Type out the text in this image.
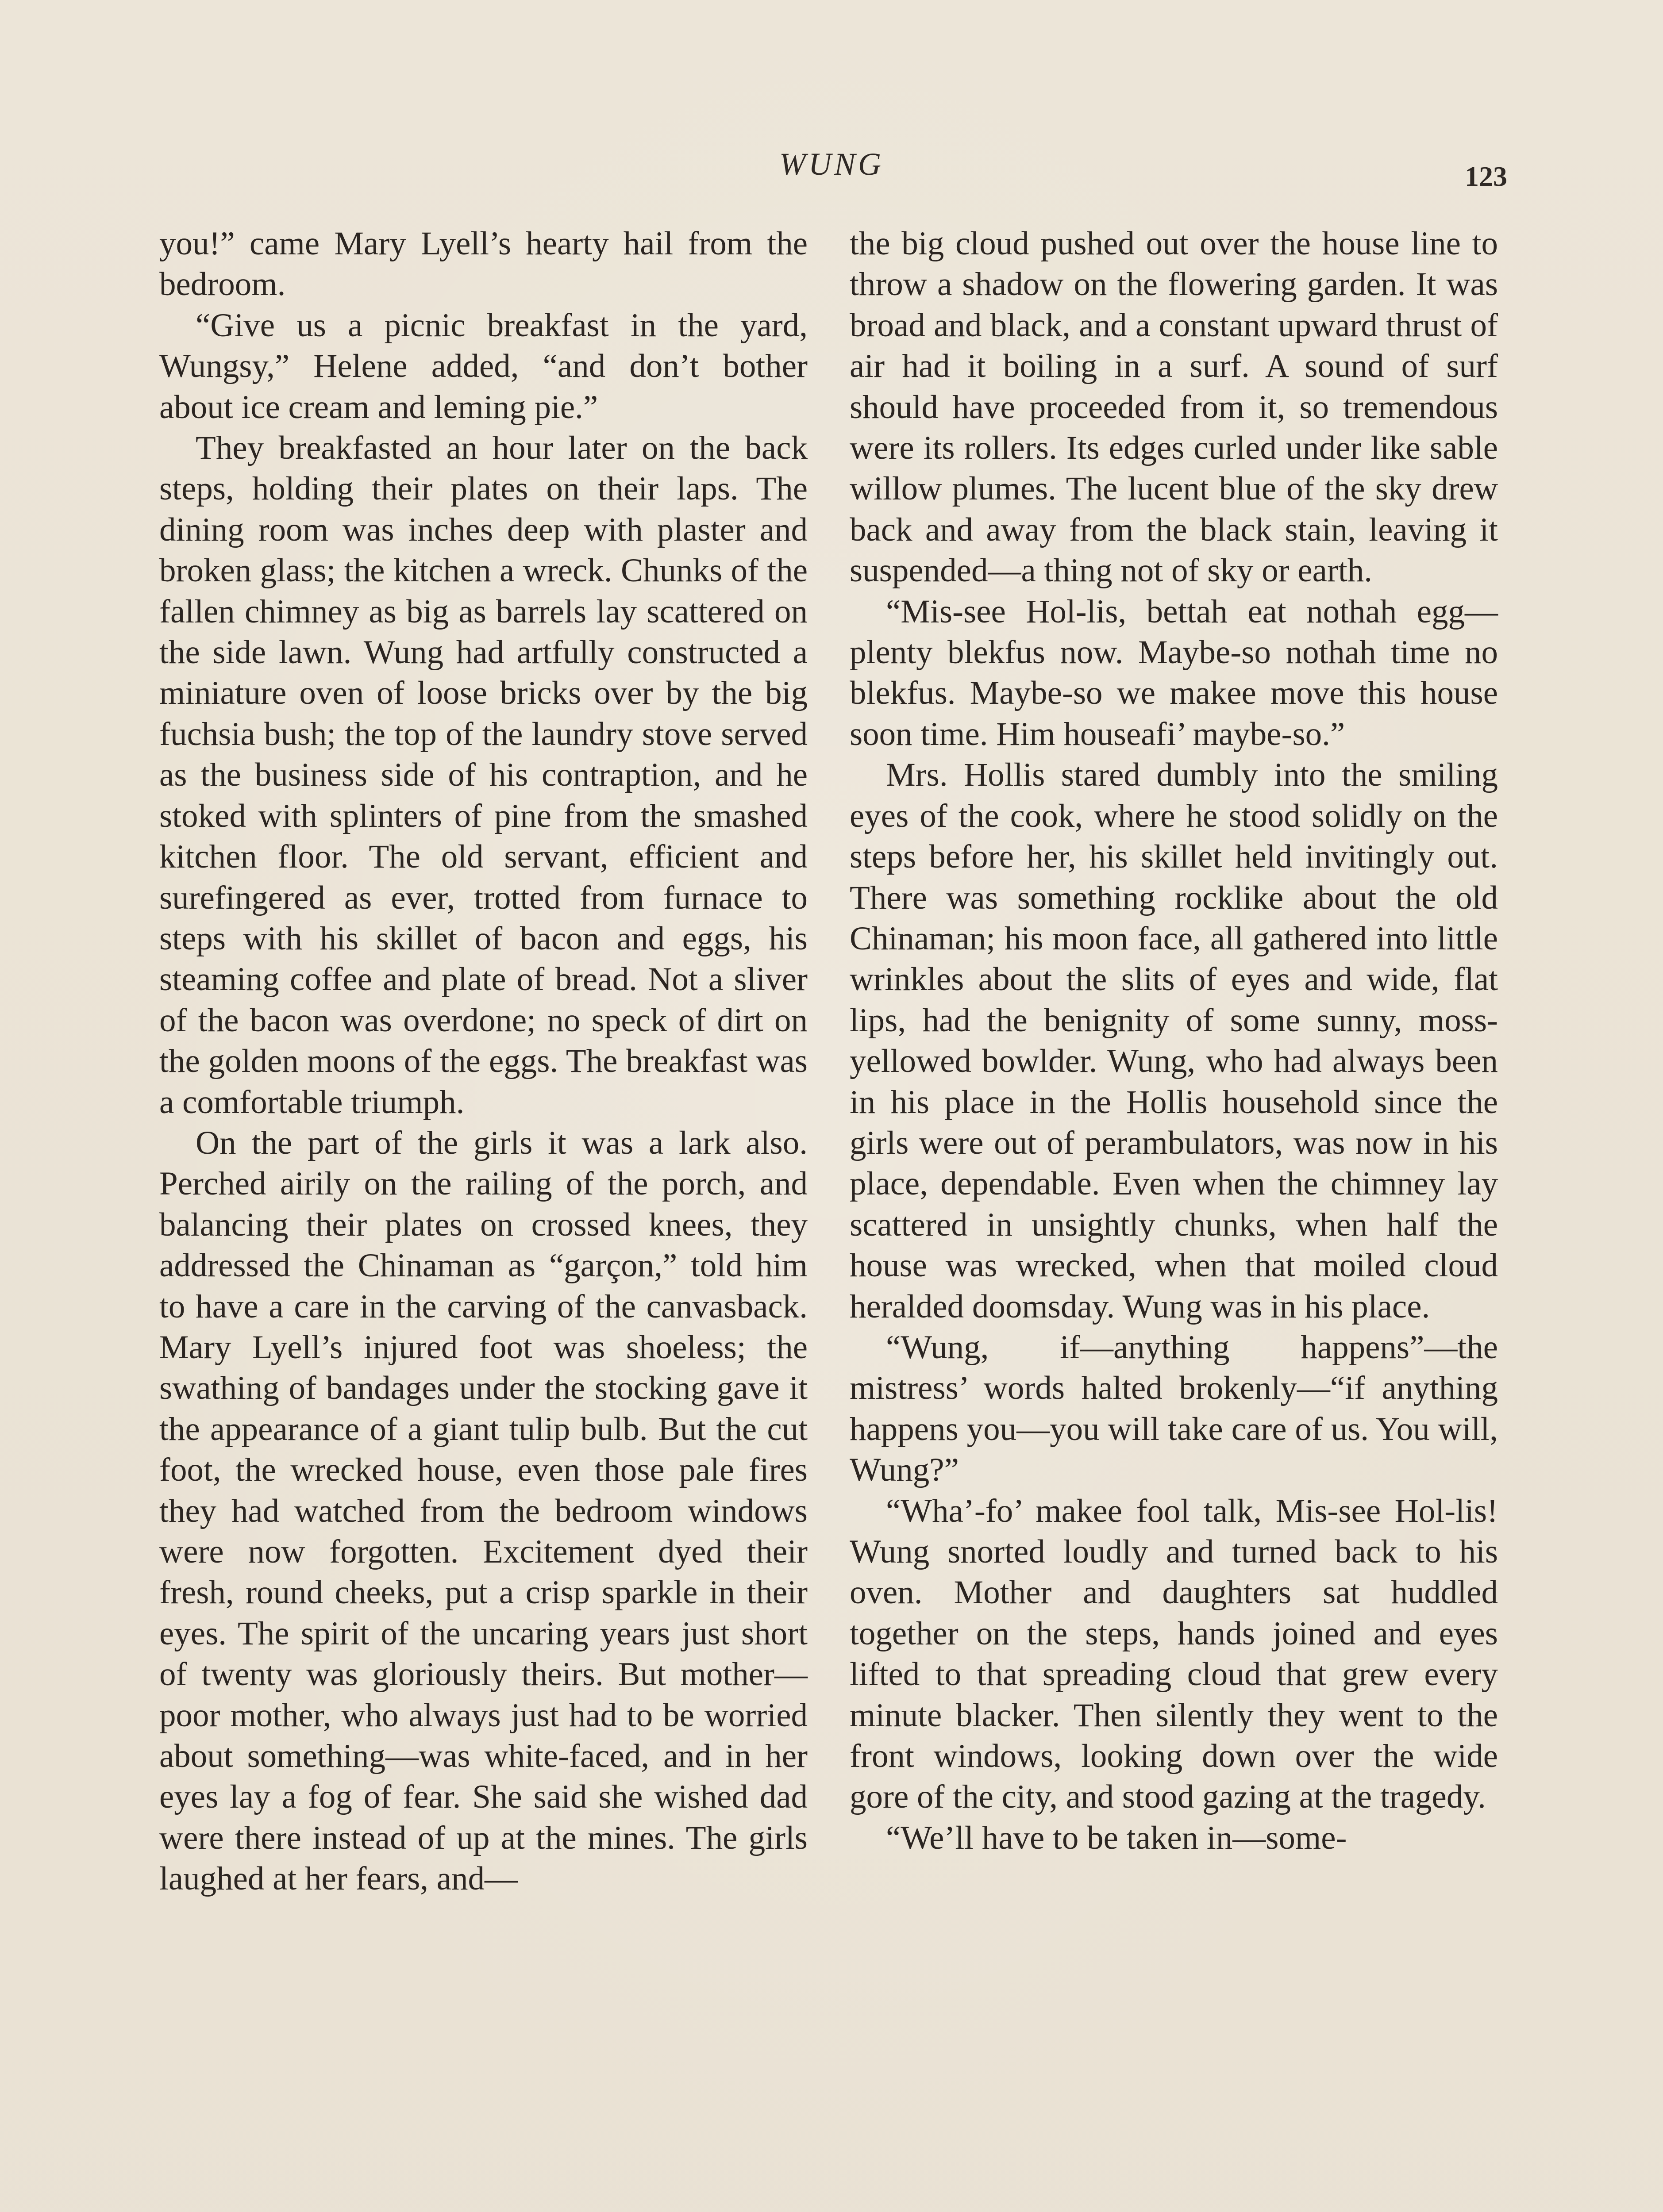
WUNG	123

you!” came Mary Lyell’s hearty hail from the bedroom.

“Give us a picnic breakfast in the yard, Wungsy,” Helene added, “and don’t bother about ice cream and leming pie.”

They breakfasted an hour later on the back steps, holding their plates on their laps. The dining room was inches deep with plaster and broken glass; the kitchen a wreck. Chunks of the fallen chimney as big as barrels lay scattered on the side lawn. Wung had artfully constructed a miniature oven of loose bricks over by the big fuchsia bush; the top of the laundry stove served as the business side of his contraption, and he stoked with splinters of pine from the smashed kitchen floor. The old servant, efficient and surefingered as ever, trotted from furnace to steps with his skillet of bacon and eggs, his steaming coffee and plate of bread. Not a sliver of the bacon was overdone; no speck of dirt on the golden moons of the eggs. The breakfast was a comfortable triumph.

On the part of the girls it was a lark also. Perched airily on the railing of the porch, and balancing their plates on crossed knees, they addressed the Chinaman as “garçon,” told him to have a care in the carving of the canvasback. Mary Lyell’s injured foot was shoeless; the swathing of bandages under the stocking gave it the appearance of a giant tulip bulb. But the cut foot, the wrecked house, even those pale fires they had watched from the bedroom windows were now forgotten. Excitement dyed their fresh, round cheeks, put a crisp sparkle in their eyes. The spirit of the uncaring years just short of twenty was gloriously theirs. But mother—poor mother, who always just had to be worried about something—was white-faced, and in her eyes lay a fog of fear. She said she wished dad were there instead of up at the mines. The girls laughed at her fears, and—

the big cloud pushed out over the house line to throw a shadow on the flowering garden. It was broad and black, and a constant upward thrust of air had it boiling in a surf. A sound of surf should have proceeded from it, so tremendous were its rollers. Its edges curled under like sable willow plumes. The lucent blue of the sky drew back and away from the black stain, leaving it suspended—a thing not of sky or earth.

“Mis-see Hol-lis, bettah eat nothah egg—plenty blekfus now. Maybe-so nothah time no blekfus. Maybe-so we makee move this house soon time. Him houseafi’ maybe-so.”

Mrs. Hollis stared dumbly into the smiling eyes of the cook, where he stood solidly on the steps before her, his skillet held invitingly out. There was something rocklike about the old Chinaman; his moon face, all gathered into little wrinkles about the slits of eyes and wide, flat lips, had the benignity of some sunny, moss-yellowed bowlder. Wung, who had always been in his place in the Hollis household since the girls were out of perambulators, was now in his place, dependable. Even when the chimney lay scattered in unsightly chunks, when half the house was wrecked, when that moiled cloud heralded doomsday. Wung was in his place.

“Wung, if—anything happens”—the mistress’ words halted brokenly—“if anything happens you—you will take care of us. You will, Wung?”

“Wha’-fo’ makee fool talk, Mis-see Hol-lis! Wung snorted loudly and turned back to his oven. Mother and daughters sat huddled together on the steps, hands joined and eyes lifted to that spreading cloud that grew every minute blacker. Then silently they went to the front windows, looking down over the wide gore of the city, and stood gazing at the tragedy.

“We’ll have to be taken in—some-
